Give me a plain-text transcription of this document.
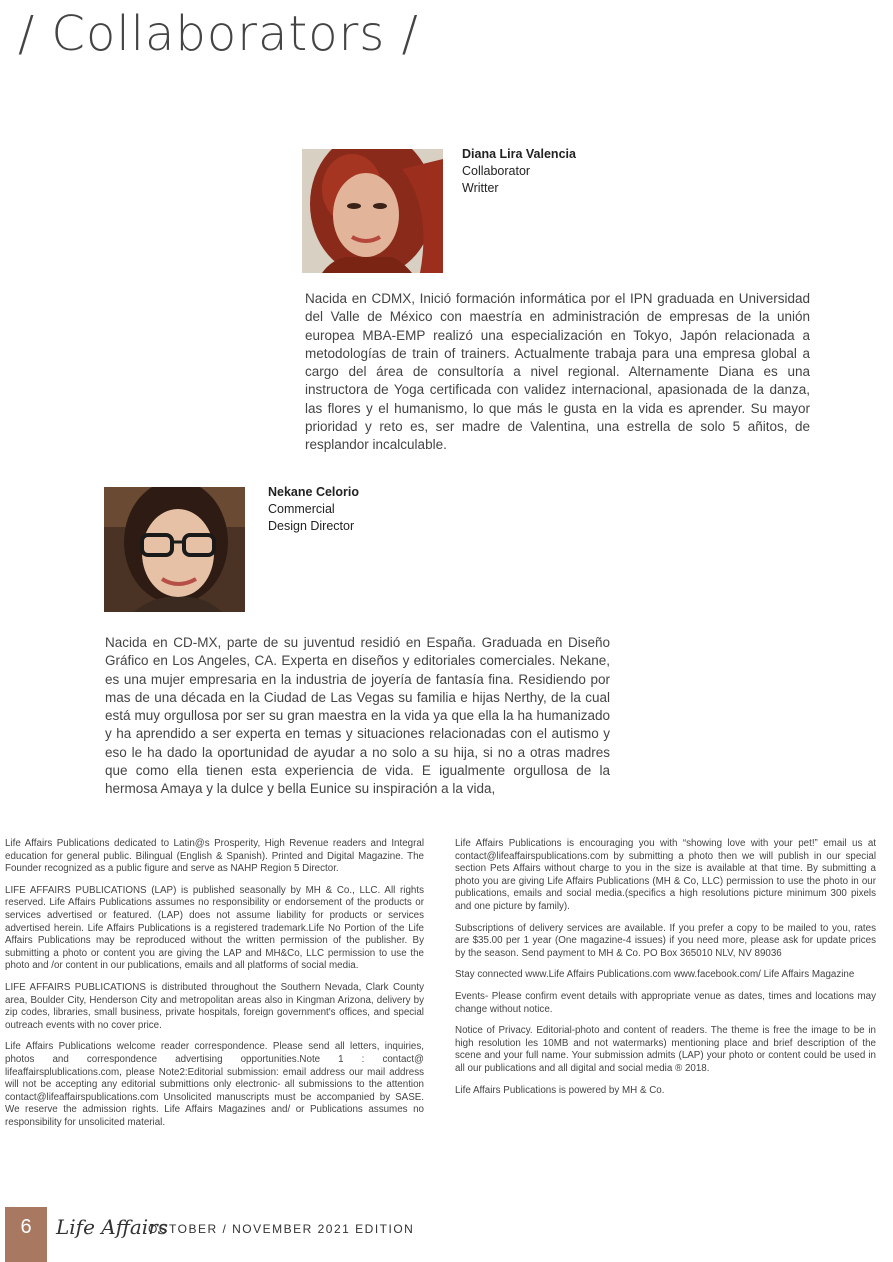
/ Collaborators /
Diana Lira Valencia
Collaborator
Writter
Nacida en CDMX, Inició formación informática por el IPN graduada en Universidad del Valle de México con maestría en administración de empresas de la unión europea MBA-EMP realizó una especialización en Tokyo, Japón relacionada a metodologías de train of trainers. Actualmente trabaja para una empresa global a cargo del área de consultoría a nivel regional. Alternamente Diana es una instructora de Yoga certificada con validez internacional, apasionada de la danza, las flores y el humanismo, lo que más le gusta en la vida es aprender. Su mayor prioridad y reto es, ser madre de Valentina, una estrella de solo 5 añitos, de resplandor incalculable.
Nekane Celorio
Commercial
Design Director
Nacida en CD-MX, parte de su juventud residió en España. Graduada en Diseño Gráfico en Los Angeles, CA. Experta en diseños y editoriales comerciales. Nekane, es una mujer empresaria en la industria de joyería de fantasía fina. Residiendo por mas de una década en la Ciudad de Las Vegas su familia e hijas Nerthy, de la cual está muy orgullosa por ser su gran maestra en la vida ya que ella la ha humanizado y ha aprendido a ser experta en temas y situaciones relacionadas con el autismo y eso le ha dado la oportunidad de ayudar a no solo a su hija, si no a otras madres que como ella tienen esta experiencia de vida. E igualmente orgullosa de la hermosa Amaya y la dulce y bella Eunice su inspiración a la vida,

Life Affairs Publications dedicated to Latin@s Prosperity, High Revenue readers and Integral education for general public. Bilingual (English & Spanish). Printed and Digital Magazine. The Founder recognized as a public figure and serve as NAHP Region 5 Director.

LIFE AFFAIRS PUBLICATIONS (LAP) is published seasonally by MH & Co., LLC. All rights reserved. Life Affairs Publications assumes no responsibility or endorsement of the products or services advertised or featured. (LAP) does not assume liability for products or services advertised herein. Life Affairs Publications is a registered trademark.Life No Portion of the Life Affairs Publications may be reproduced without the written permission of the publisher. By submitting a photo or content you are giving the LAP and MH&Co, LLC permission to use the photo and /or content in our publications, emails and all platforms of social media.

LIFE AFFAIRS PUBLICATIONS is distributed throughout the Southern Nevada, Clark County area, Boulder City, Henderson City and metropolitan areas also in Kingman Arizona, delivery by zip codes, libraries, small business, private hospitals, foreign government's offices, and special outreach events with no cover price.

Life Affairs Publications welcome reader correspondence. Please send all letters, inquiries, photos and correspondence advertising opportunities.Note 1 : contact@ lifeaffairsplublications.com, please Note2:Editorial submission: email address our mail address will not be accepting any editorial submittions only electronic- all submissions to the attention contact@lifeaffairspublications.com Unsolicited manuscripts must be accompanied by SASE. We reserve the admission rights. Life Affairs Magazines and/ or Publications assumes no responsibility for unsolicited material.

Life Affairs Publications is encouraging you with “showing love with your pet!” email us at contact@lifeaffairspublications.com by submitting a photo then we will publish in our special section Pets Affairs without charge to you in the size is available at that time. By submitting a photo you are giving Life Affairs Publications (MH & Co, LLC) permission to use the photo in our publications, emails and social media.(specifics a high resolutions picture minimum 300 pixels and one picture by family).

Subscriptions of delivery services are available. If you prefer a copy to be mailed to you, rates are $35.00 per 1 year (One magazine-4 issues) if you need more, please ask for update prices by the season. Send payment to MH & Co. PO Box 365010 NLV, NV 89036

Stay connected www.Life Affairs Publications.com www.facebook.com/ Life Affairs Magazine

Events- Please confirm event details with appropriate venue as dates, times and locations may change without notice.

Notice of Privacy. Editorial-photo and content of readers. The theme is free the image to be in high resolution les 10MB and not watermarks) mentioning place and brief description of the scene and your full name. Your submission admits (LAP) your photo or content could be used in all our publications and all digital and social media ® 2018.

Life Affairs Publications is powered by MH & Co.

6	Life Affairs
OCTOBER / NOVEMBER 2021 EDITION
